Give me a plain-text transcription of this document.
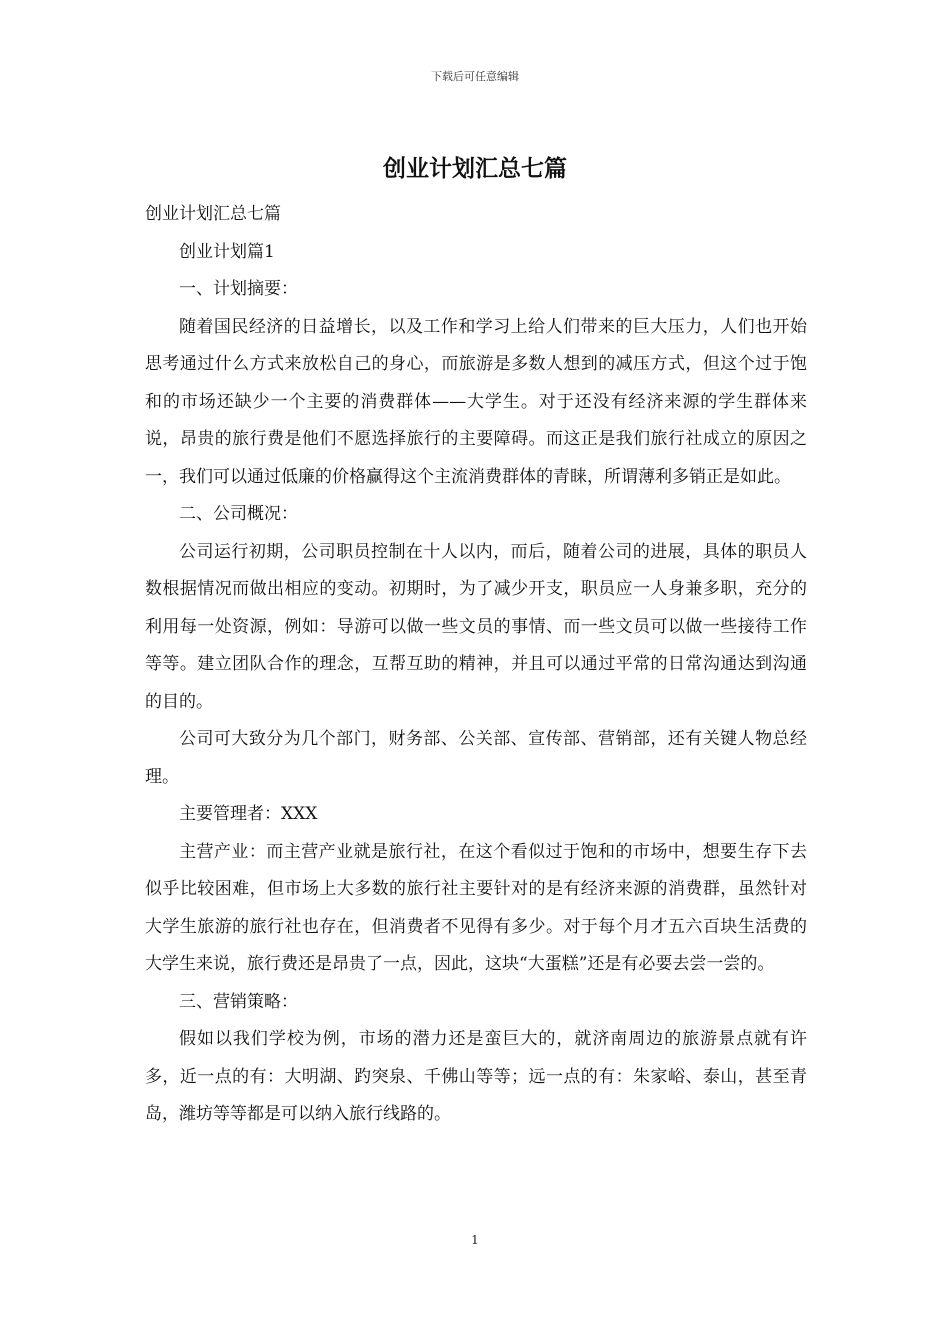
下载后可任意编辑
创业计划汇总七篇

创业计划汇总七篇

创业计划篇1

一、计划摘要：

随着国民经济的日益增长，以及工作和学习上给人们带来的巨大压力，人们也开始思考通过什么方式来放松自己的身心，而旅游是多数人想到的减压方式，但这个过于饱和的市场还缺少一个主要的消费群体——大学生。对于还没有经济来源的学生群体来说，昂贵的旅行费是他们不愿选择旅行的主要障碍。而这正是我们旅行社成立的原因之一，我们可以通过低廉的价格赢得这个主流消费群体的青睐，所谓薄利多销正是如此。

二、公司概况：

公司运行初期，公司职员控制在十人以内，而后，随着公司的进展，具体的职员人数根据情况而做出相应的变动。初期时，为了减少开支，职员应一人身兼多职，充分的利用每一处资源，例如：导游可以做一些文员的事情、而一些文员可以做一些接待工作等等。建立团队合作的理念，互帮互助的精神，并且可以通过平常的日常沟通达到沟通的目的。

公司可大致分为几个部门，财务部、公关部、宣传部、营销部，还有关键人物总经理。

主要管理者：XXX

主营产业：而主营产业就是旅行社，在这个看似过于饱和的市场中，想要生存下去似乎比较困难，但市场上大多数的旅行社主要针对的是有经济来源的消费群，虽然针对大学生旅游的旅行社也存在，但消费者不见得有多少。对于每个月才五六百块生活费的大学生来说，旅行费还是昂贵了一点，因此，这块“大蛋糕”还是有必要去尝一尝的。

三、营销策略：

假如以我们学校为例，市场的潜力还是蛮巨大的，就济南周边的旅游景点就有许多，近一点的有：大明湖、趵突泉、千佛山等等；远一点的有：朱家峪、泰山，甚至青岛，潍坊等等都是可以纳入旅行线路的。

1
